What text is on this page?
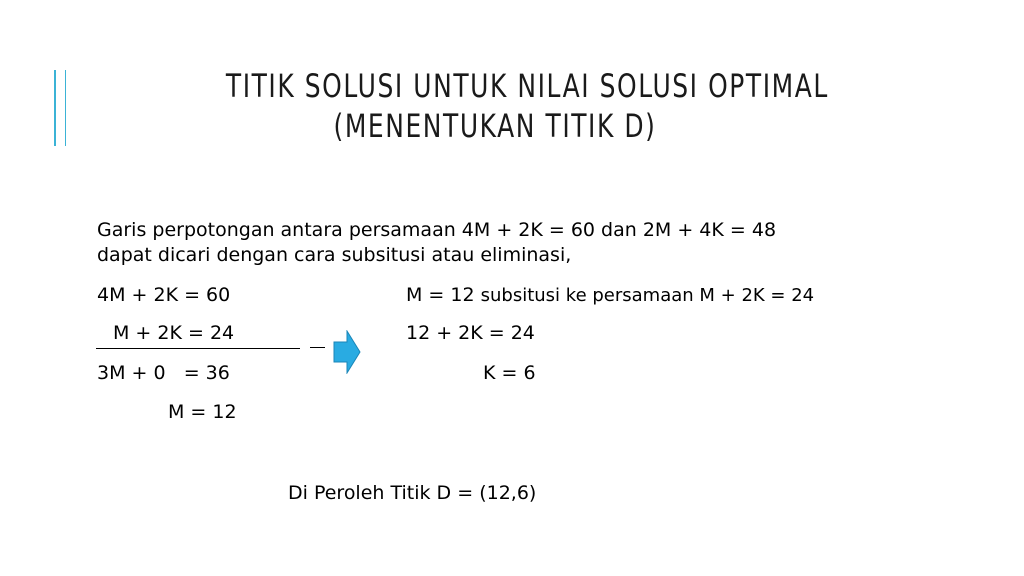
TITIK SOLUSI UNTUK NILAI SOLUSI OPTIMAL
(MENENTUKAN TITIK D)
Garis perpotongan antara persamaan 4M + 2K = 60 dan 2M + 4K = 48
dapat dicari dengan cara subsitusi atau eliminasi,
4M + 2K = 60
M + 2K = 24
3M + 0   = 36
M = 12
M = 12 subsitusi ke persamaan M + 2K = 24
12 + 2K = 24
K = 6
Di Peroleh Titik D = (12,6)
